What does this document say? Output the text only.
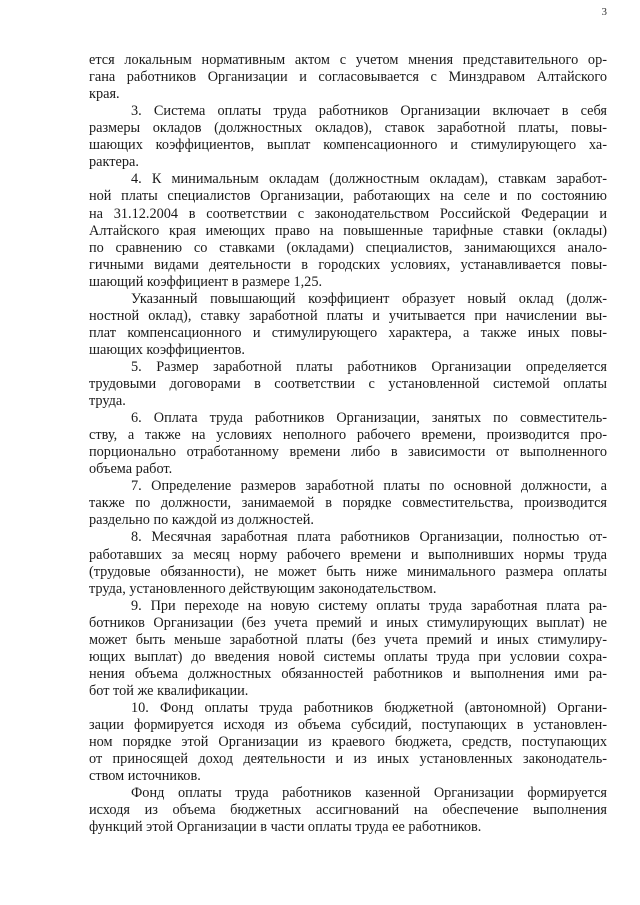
3
ется локальным нормативным актом с учетом мнения представительного ор-
гана работников Организации и согласовывается с Минздравом Алтайского
края.
3. Система оплаты труда работников Организации включает в себя
размеры окладов (должностных окладов), ставок заработной платы, повы-
шающих коэффициентов, выплат компенсационного и стимулирующего ха-
рактера.
4. К минимальным окладам (должностным окладам), ставкам заработ-
ной платы специалистов Организации, работающих на селе и по состоянию
на 31.12.2004 в соответствии с законодательством Российской Федерации и
Алтайского края имеющих право на повышенные тарифные ставки (оклады)
по сравнению со ставками (окладами) специалистов, занимающихся анало-
гичными видами деятельности в городских условиях, устанавливается повы-
шающий коэффициент в размере 1,25.
Указанный повышающий коэффициент образует новый оклад (долж-
ностной оклад), ставку заработной платы и учитывается при начислении вы-
плат компенсационного и стимулирующего характера, а также иных повы-
шающих коэффициентов.
5. Размер заработной платы работников Организации определяется
трудовыми договорами в соответствии с установленной системой оплаты
труда.
6. Оплата труда работников Организации, занятых по совместитель-
ству, а также на условиях неполного рабочего времени, производится про-
порционально отработанному времени либо в зависимости от выполненного
объема работ.
7. Определение размеров заработной платы по основной должности, а
также по должности, занимаемой в порядке совместительства, производится
раздельно по каждой из должностей.
8. Месячная заработная плата работников Организации, полностью от-
работавших за месяц норму рабочего времени и выполнивших нормы труда
(трудовые обязанности), не может быть ниже минимального размера оплаты
труда, установленного действующим законодательством.
9. При переходе на новую систему оплаты труда заработная плата ра-
ботников Организации (без учета премий и иных стимулирующих выплат) не
может быть меньше заработной платы (без учета премий и иных стимулиру-
ющих выплат) до введения новой системы оплаты труда при условии сохра-
нения объема должностных обязанностей работников и выполнения ими ра-
бот той же квалификации.
10. Фонд оплаты труда работников бюджетной (автономной) Органи-
зации формируется исходя из объема субсидий, поступающих в установлен-
ном порядке этой Организации из краевого бюджета, средств, поступающих
от приносящей доход деятельности и из иных установленных законодатель-
ством источников.
Фонд оплаты труда работников казенной Организации формируется
исходя из объема бюджетных ассигнований на обеспечение выполнения
функций этой Организации в части оплаты труда ее работников.
